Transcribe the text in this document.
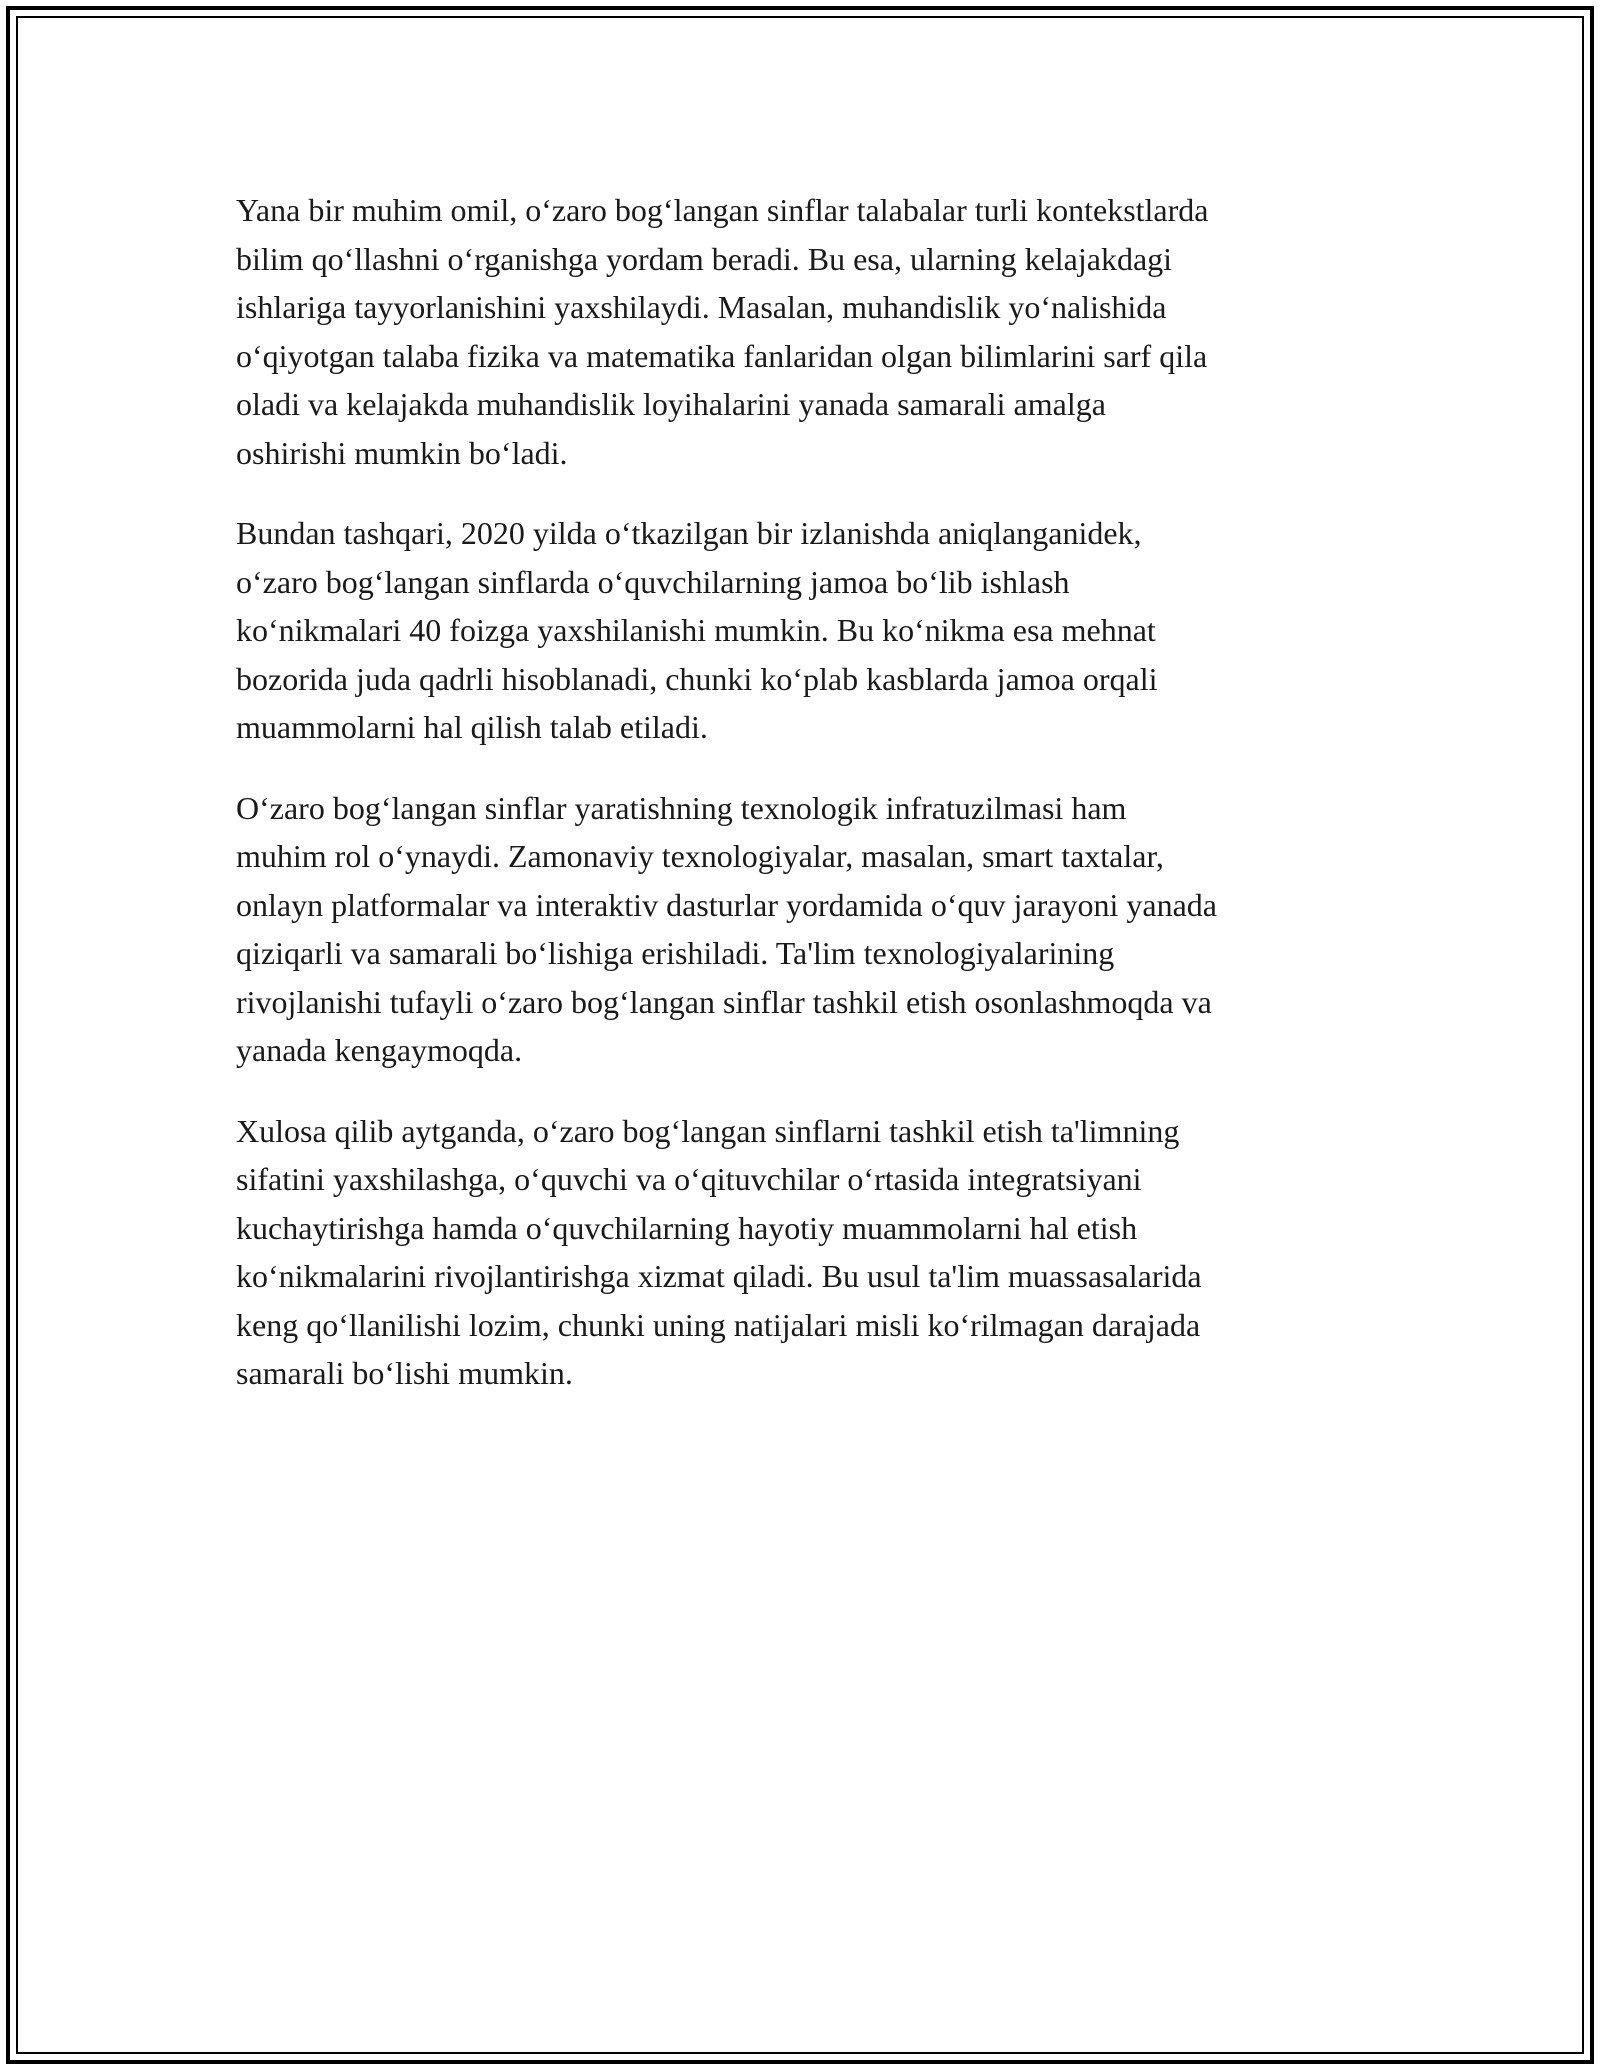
Yana bir muhim omil, o‘zaro bog‘langan sinflar talabalar turli kontekstlarda
bilim qo‘llashni o‘rganishga yordam beradi. Bu esa, ularning kelajakdagi
ishlariga tayyorlanishini yaxshilaydi. Masalan, muhandislik yo‘nalishida
o‘qiyotgan talaba fizika va matematika fanlaridan olgan bilimlarini sarf qila
oladi va kelajakda muhandislik loyihalarini yanada samarali amalga
oshirishi mumkin bo‘ladi.

Bundan tashqari, 2020 yilda o‘tkazilgan bir izlanishda aniqlanganidek,
o‘zaro bog‘langan sinflarda o‘quvchilarning jamoa bo‘lib ishlash
ko‘nikmalari 40 foizga yaxshilanishi mumkin. Bu ko‘nikma esa mehnat
bozorida juda qadrli hisoblanadi, chunki ko‘plab kasblarda jamoa orqali
muammolarni hal qilish talab etiladi.

O‘zaro bog‘langan sinflar yaratishning texnologik infratuzilmasi ham
muhim rol o‘ynaydi. Zamonaviy texnologiyalar, masalan, smart taxtalar,
onlayn platformalar va interaktiv dasturlar yordamida o‘quv jarayoni yanada
qiziqarli va samarali bo‘lishiga erishiladi. Ta'lim texnologiyalarining
rivojlanishi tufayli o‘zaro bog‘langan sinflar tashkil etish osonlashmoqda va
yanada kengaymoqda.

Xulosa qilib aytganda, o‘zaro bog‘langan sinflarni tashkil etish ta'limning
sifatini yaxshilashga, o‘quvchi va o‘qituvchilar o‘rtasida integratsiyani
kuchaytirishga hamda o‘quvchilarning hayotiy muammolarni hal etish
ko‘nikmalarini rivojlantirishga xizmat qiladi. Bu usul ta'lim muassasalarida
keng qo‘llanilishi lozim, chunki uning natijalari misli ko‘rilmagan darajada
samarali bo‘lishi mumkin.
